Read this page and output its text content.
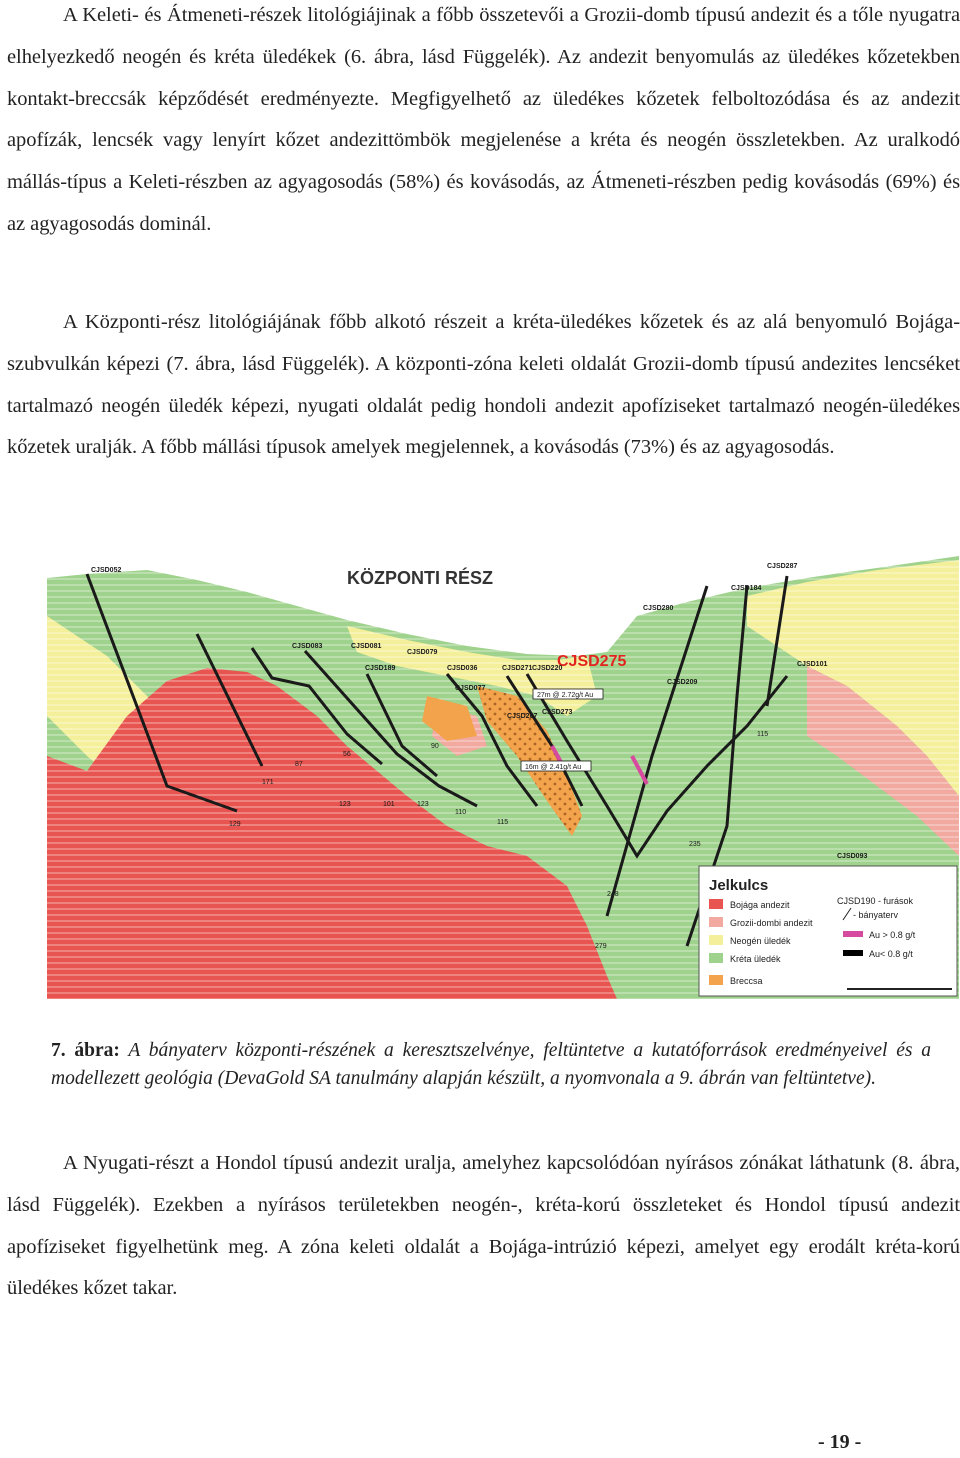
A Keleti- és Átmeneti-részek litológiájinak a főbb összetevői a Grozii-domb típusú andezit és a tőle nyugatra elhelyezkedő neogén és kréta üledékek (6. ábra, lásd Függelék). Az andezit benyomulás az üledékes kőzetekben kontakt-breccsák képződését eredményezte. Megfigyelhető az üledékes kőzetek felboltozódása és az andezit apofízák, lencsék vagy lenyírt kőzet andezittömbök megjelenése a kréta és neogén összletekben. Az uralkodó mállás-típus a Keleti-részben az agyagosodás (58%) és kovásodás, az Átmeneti-részben pedig kovásodás (69%) és az agyagosodás dominál.

A Központi-rész litológiájának főbb alkotó részeit a kréta-üledékes kőzetek és az alá benyomuló Bojága-szubvulkán képezi (7. ábra, lásd Függelék). A központi-zóna keleti oldalát Grozii-domb típusú andezites lencséket tartalmazó neogén üledék képezi, nyugati oldalát pedig hondoli andezit apofíziseket tartalmazó neogén-üledékes kőzetek uralják. A főbb mállási típusok amelyek megjelennek, a kovásodás (73%) és az agyagosodás.

KÖZPONTI RÉSZ
CJSD275
CJSD052
CJSD083	CJSD081
CJSD079
CJSD189	CJSD036	CJSD271 CJSD220
CJSD077
CJSD280
CJSD184
CJSD287
CJSD101
CJSD207
CJSD273
CJSD209
CJSD093
129
171
87
56
123	101	123
110
90
115
235
279
248
115
27m @ 2.72g/t Au
16m @ 2.41g/t Au
Jelkulcs
Bojága andezit
Grozii-dombi andezit
Neogén üledék
Kréta üledék
Breccsa
CJSD190 - furások
- bányaterv
Au > 0.8 g/t
Au< 0.8 g/t

7. ábra: A bányaterv központi-részének a keresztszelvénye, feltüntetve a kutatóforrások eredményeivel és a modellezett geológia (DevaGold SA tanulmány alapján készült, a nyomvonala a 9. ábrán van feltüntetve).

A Nyugati-részt a Hondol típusú andezit uralja, amelyhez kapcsolódóan nyírásos zónákat láthatunk (8. ábra, lásd Függelék). Ezekben a nyírásos területekben neogén-, kréta-korú összleteket és Hondol típusú andezit apofíziseket figyelhetünk meg. A zóna keleti oldalát a Bojága-intrúzió képezi, amelyet egy erodált kréta-korú üledékes kőzet takar.

- 19 -
